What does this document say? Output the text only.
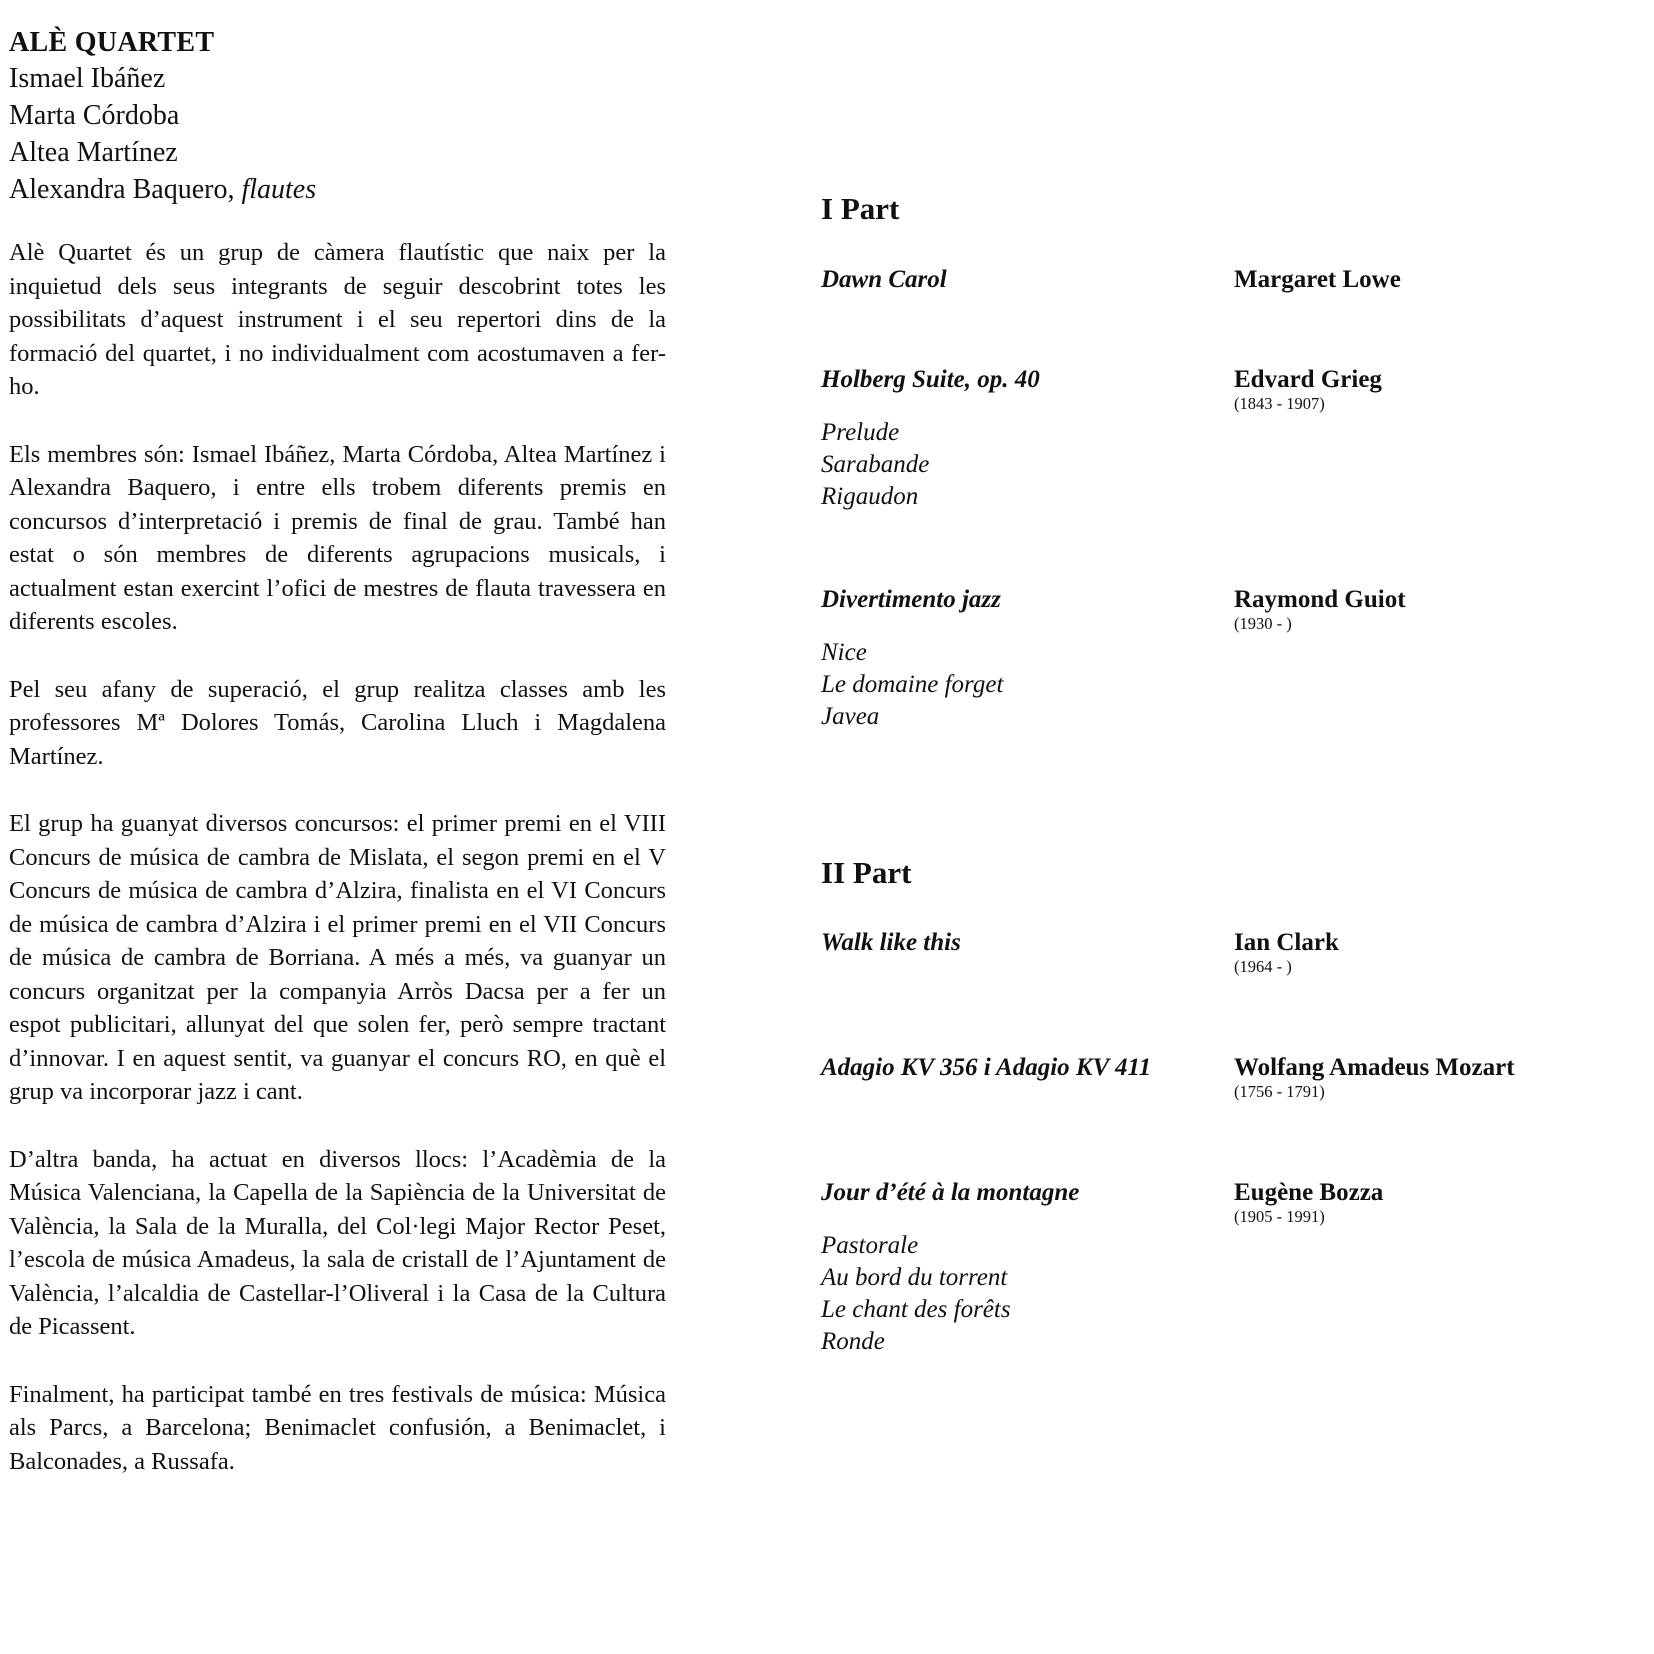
ALÈ QUARTET
Ismael Ibáñez
Marta Córdoba
Altea Martínez
Alexandra Baquero, flautes

Alè Quartet és un grup de càmera flautístic que naix per la inquietud dels seus integrants de seguir descobrint totes les possibilitats d’aquest instrument i el seu repertori dins de la formació del quartet, i no individualment com acostumaven a fer-ho.

Els membres són: Ismael Ibáñez, Marta Córdoba, Altea Martínez i Alexandra Baquero, i entre ells trobem diferents premis en concursos d’interpretació i premis de final de grau. També han estat o són membres de diferents agrupacions musicals, i actualment estan exercint l’ofici de mestres de flauta travessera en diferents escoles.

Pel seu afany de superació, el grup realitza classes amb les professores Mª Dolores Tomás, Carolina Lluch i Magdalena Martínez.

El grup ha guanyat diversos concursos: el primer premi en el VIII Concurs de música de cambra de Mislata, el segon premi en el V Concurs de música de cambra d’Alzira, finalista en el VI Concurs de música de cambra d’Alzira i el primer premi en el VII Concurs de música de cambra de Borriana. A més a més, va guanyar un concurs organitzat per la companyia Arròs Dacsa per a fer un espot publicitari, allunyat del que solen fer, però sempre tractant d’innovar. I en aquest sentit, va guanyar el concurs RO, en què el grup va incorporar jazz i cant.

D’altra banda, ha actuat en diversos llocs: l’Acadèmia de la Música Valenciana, la Capella de la Sapiència de la Universitat de València, la Sala de la Muralla, del Col·legi Major Rector Peset, l’escola de música Amadeus, la sala de cristall de l’Ajuntament de València, l’alcaldia de Castellar-l’Oliveral i la Casa de la Cultura de Picassent.

Finalment, ha participat també en tres festivals de música: Música als Parcs, a Barcelona; Benimaclet confusión, a Benimaclet, i Balconades, a Russafa.

I Part
Dawn Carol	Margaret Lowe
Holberg Suite, op. 40	Edvard Grieg
(1843 - 1907)
Prelude
Sarabande
Rigaudon
Divertimento jazz	Raymond Guiot
(1930 - )
Nice
Le domaine forget
Javea
II Part
Walk like this	Ian Clark
(1964 - )
Adagio KV 356 i Adagio KV 411	Wolfang Amadeus Mozart
(1756 - 1791)
Jour d’été à la montagne	Eugène Bozza
(1905 - 1991)
Pastorale
Au bord du torrent
Le chant des forêts
Ronde
